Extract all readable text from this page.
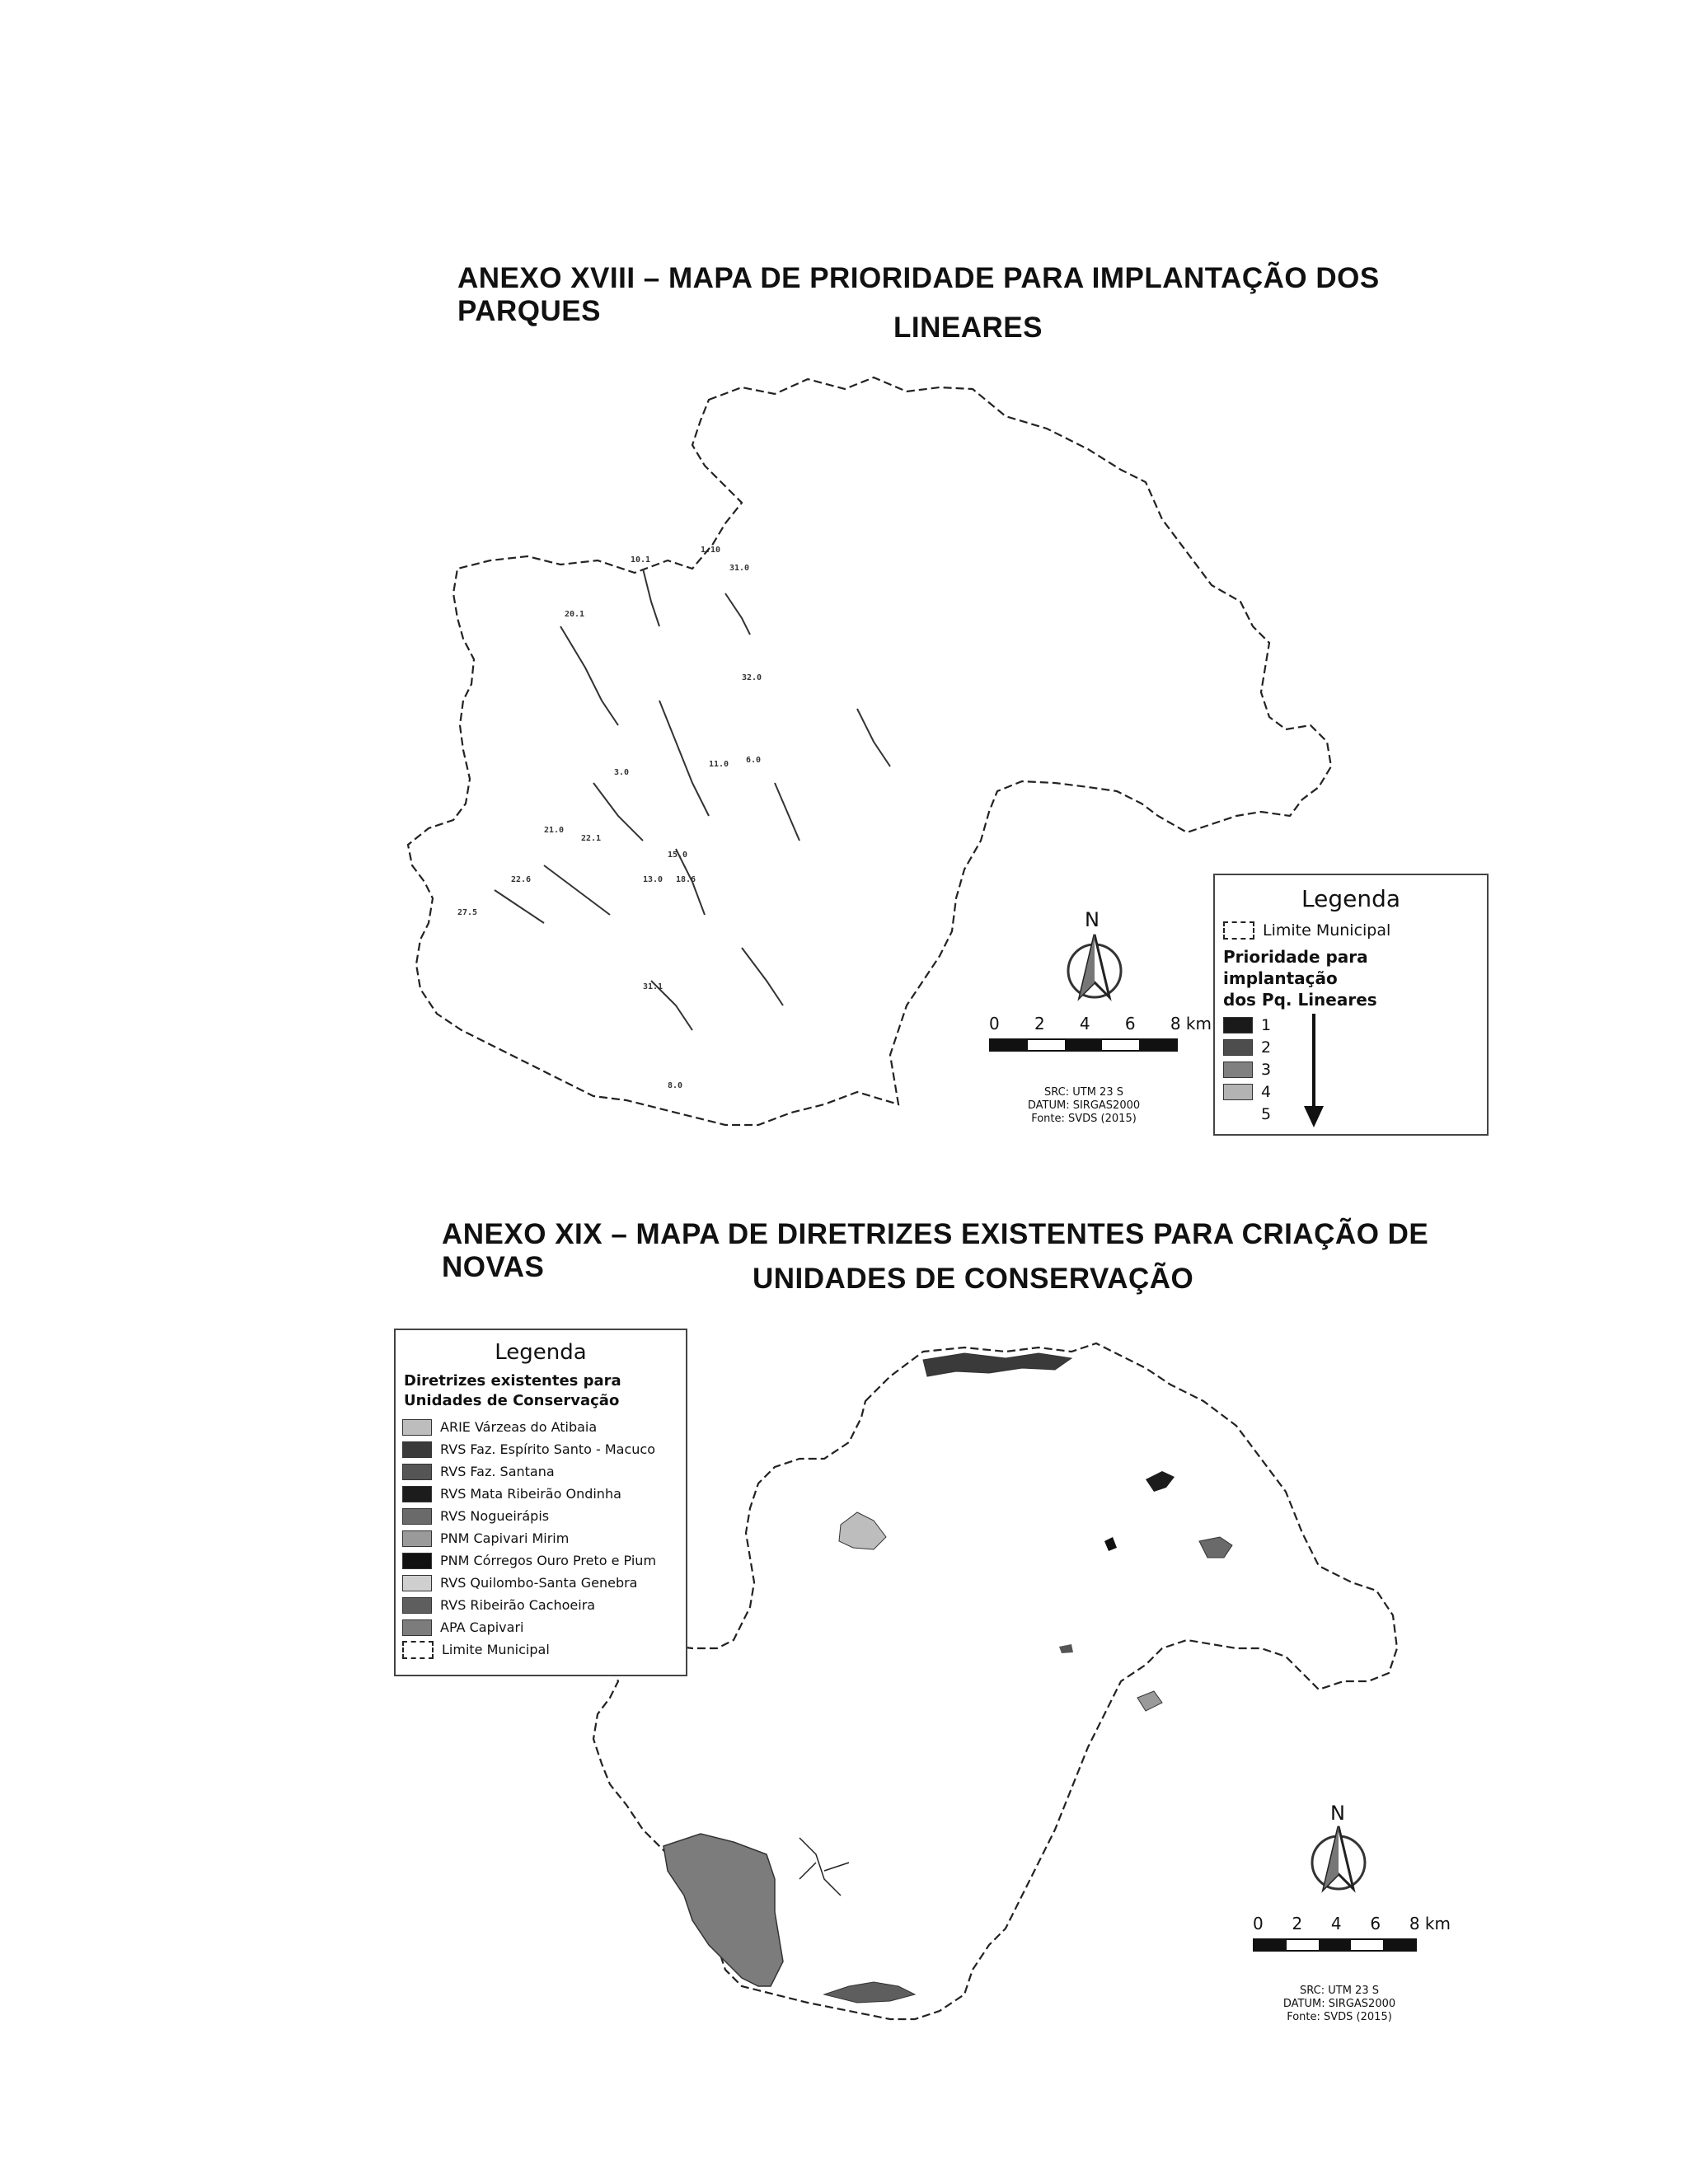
ANEXO XVIII – MAPA DE PRIORIDADE PARA IMPLANTAÇÃO DOS PARQUES
LINEARES
10.1
1.10
31.0
20.1
32.0
3.0
11.0 6.0
21.0
22.1
15.0
13.0 18.6
22.6
27.5
31.1
8.0
N
0 2 4 6 8 km
SRC: UTM 23 S
DATUM: SIRGAS2000
Fonte: SVDS (2015)
Legenda
Limite Municipal
Prioridade para implantação
dos Pq. Lineares
1
2
3
4
5
ANEXO XIX – MAPA DE DIRETRIZES EXISTENTES PARA CRIAÇÃO DE NOVAS	UNIDADES DE CONSERVAÇÃO
Legenda
Diretrizes existentes para
Unidades de Conservação
ARIE Várzeas do Atibaia
RVS Faz. Espírito Santo - Macuco
RVS Faz. Santana
RVS Mata Ribeirão Ondinha
RVS Nogueirápis
PNM Capivari Mirim
PNM Córregos Ouro Preto e Pium
RVS Quilombo-Santa Genebra
RVS Ribeirão Cachoeira
APA Capivari
Limite Municipal
N
0 2 4 6 8 km
SRC: UTM 23 S
DATUM: SIRGAS2000
Fonte: SVDS (2015)
